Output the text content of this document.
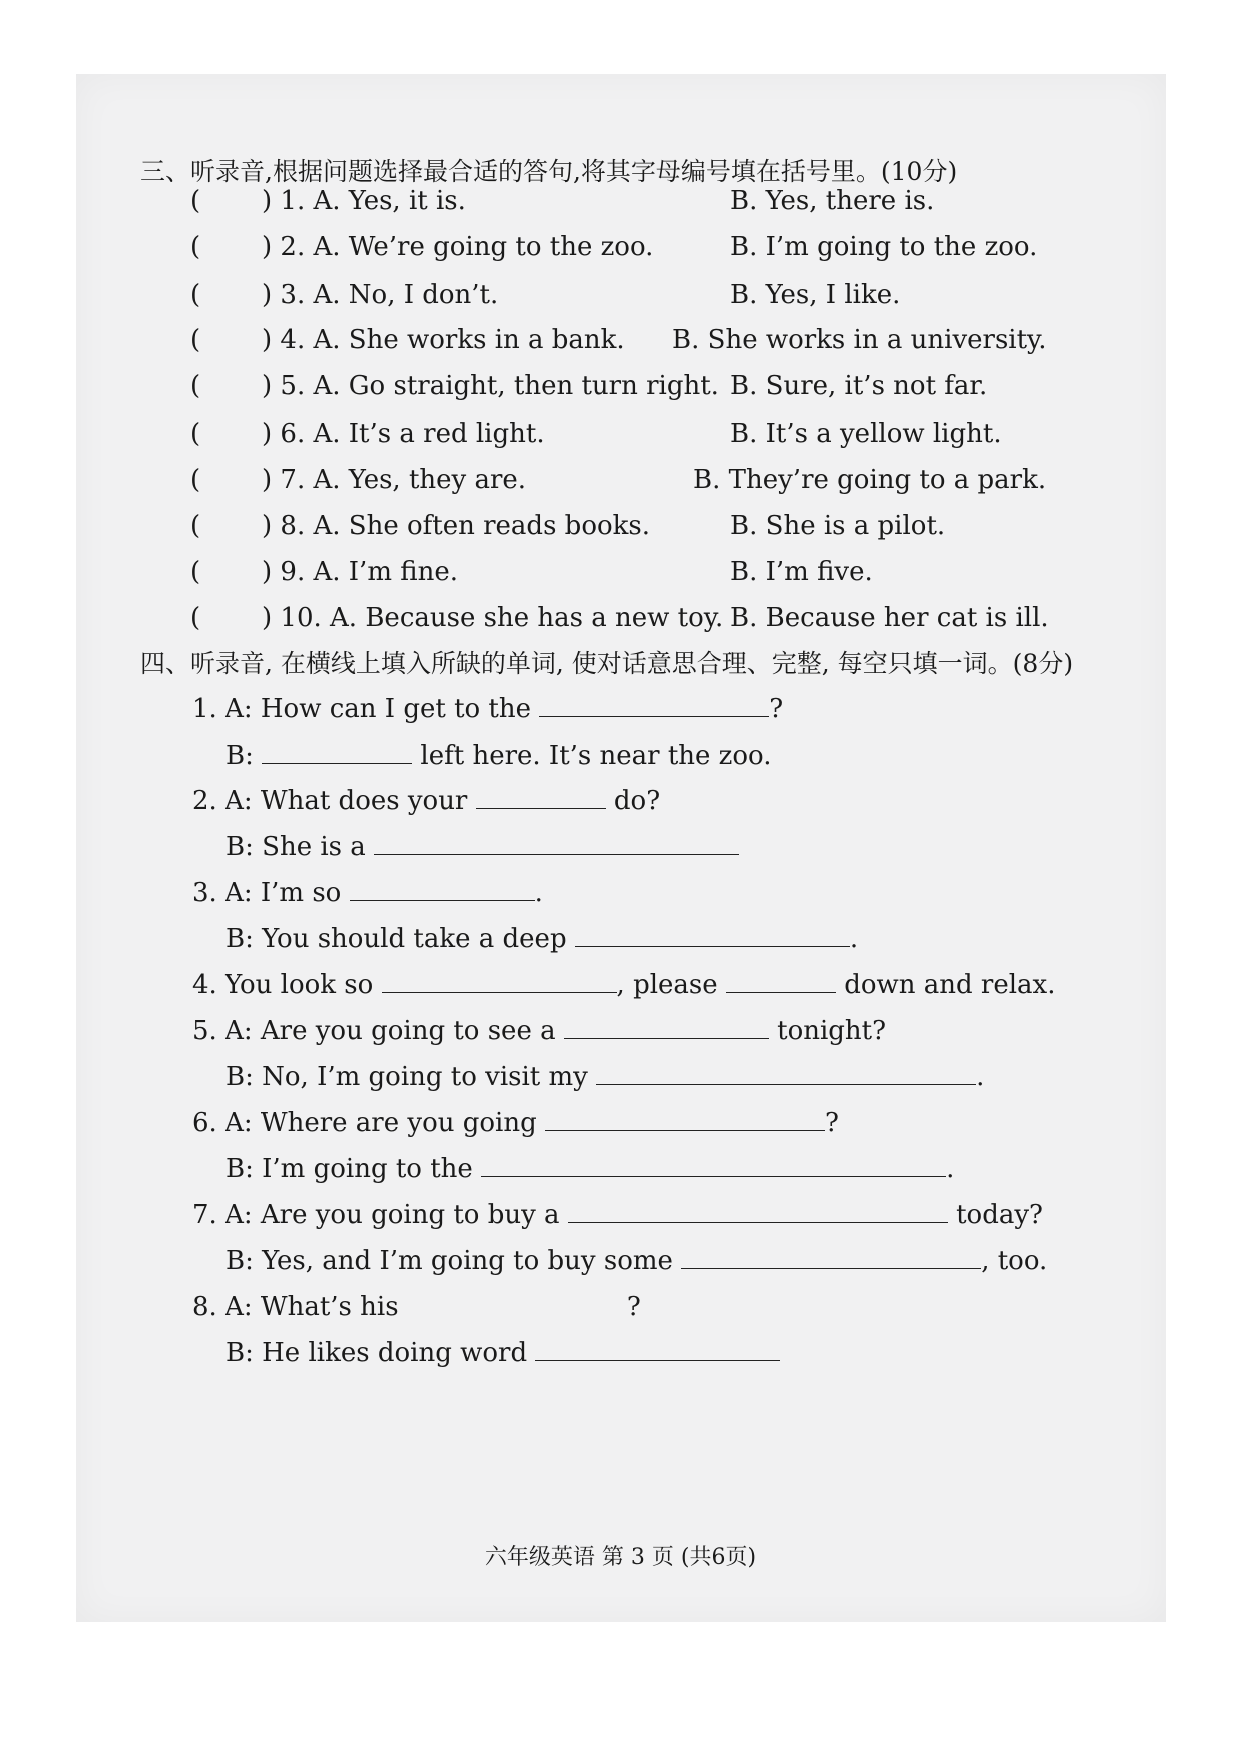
三、听录音,根据问题选择最合适的答句,将其字母编号填在括号里。(10分)
( ) 1. A. Yes, it is.	B. Yes, there is.
( ) 2. A. We’re going to the zoo.	B. I’m going to the zoo.
( ) 3. A. No, I don’t.	B. Yes, I like.
( ) 4. A. She works in a bank. B. She works in a university.
( ) 5. A. Go straight, then turn right. B. Sure, it’s not far.
( ) 6. A. It’s a red light.	B. It’s a yellow light.
( ) 7. A. Yes, they are.	B. They’re going to a park.
( ) 8. A. She often reads books.	B. She is a pilot.
( ) 9. A. I’m fine.	B. I’m five.
( ) 10. A. Because she has a new toy. B. Because her cat is ill.
四、听录音, 在横线上填入所缺的单词, 使对话意思合理、完整, 每空只填一词。(8分)
1. A: How can I get to the	?
B:	left here. It’s near the zoo.
2. A: What does your	do?
B: She is a
3. A: I’m so	.
B: You should take a deep	.
4. You look so	, please	down and relax.
5. A: Are you going to see a	tonight?
B: No, I’m going to visit my	.
6. A: Where are you going	?
B: I’m going to the	.
7. A: Are you going to buy a	today?
B: Yes, and I’m going to buy some	, too.
8. A: What’s his	?
B: He likes doing word
六年级英语 第 3 页 (共6页)
